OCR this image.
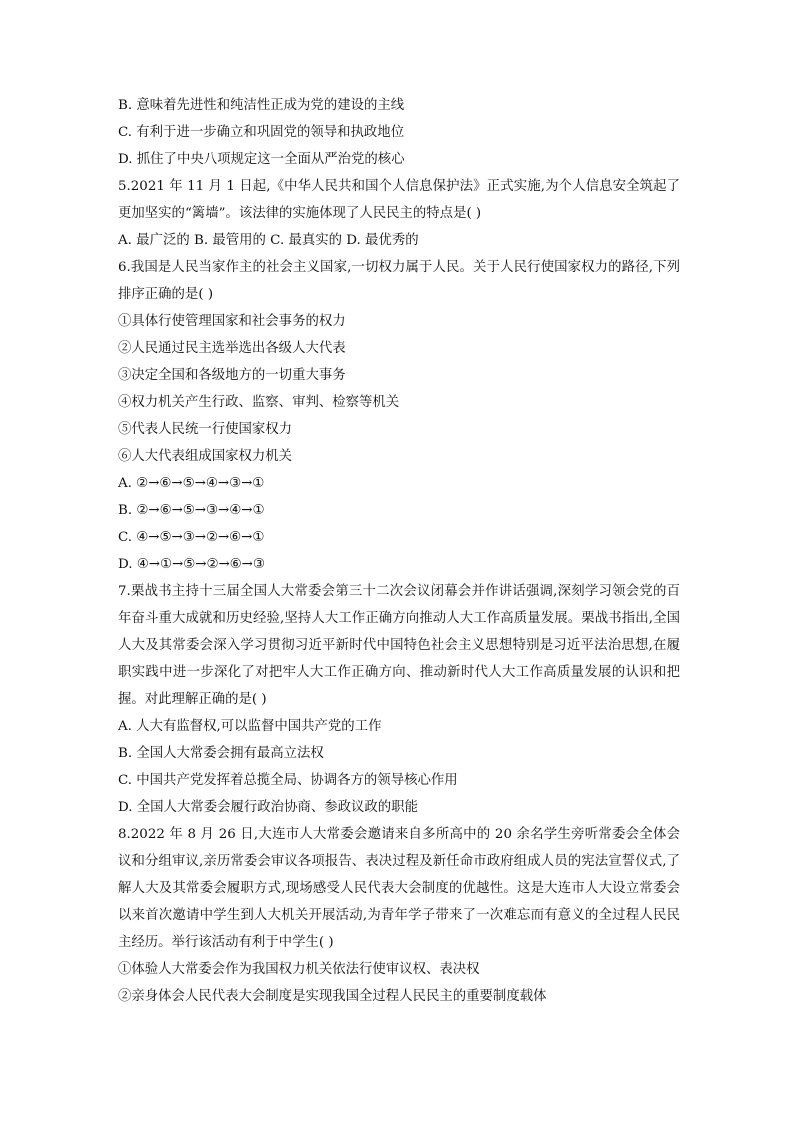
B. 意味着先进性和纯洁性正成为党的建设的主线
C. 有利于进一步确立和巩固党的领导和执政地位
D. 抓住了中央八项规定这一全面从严治党的核心
5.2021 年 11 月 1 日起,《中华人民共和国个人信息保护法》正式实施,为个人信息安全筑起了更加坚实的“篱墙”。该法律的实施体现了人民民主的特点是( )
A. 最广泛的 B. 最管用的 C. 最真实的 D. 最优秀的
6.我国是人民当家作主的社会主义国家,一切权力属于人民。关于人民行使国家权力的路径,下列排序正确的是( )
①具体行使管理国家和社会事务的权力
②人民通过民主选举选出各级人大代表
③决定全国和各级地方的一切重大事务
④权力机关产生行政、监察、审判、检察等机关
⑤代表人民统一行使国家权力
⑥人大代表组成国家权力机关
A. ②→⑥→⑤→④→③→①
B. ②→⑥→⑤→③→④→①
C. ④→⑤→③→②→⑥→①
D. ④→①→⑤→②→⑥→③
7.栗战书主持十三届全国人大常委会第三十二次会议闭幕会并作讲话强调,深刻学习领会党的百年奋斗重大成就和历史经验,坚持人大工作正确方向推动人大工作高质量发展。栗战书指出,全国人大及其常委会深入学习贯彻习近平新时代中国特色社会主义思想特别是习近平法治思想,在履职实践中进一步深化了对把牢人大工作正确方向、推动新时代人大工作高质量发展的认识和把握。对此理解正确的是( )
A. 人大有监督权,可以监督中国共产党的工作
B. 全国人大常委会拥有最高立法权
C. 中国共产党发挥着总揽全局、协调各方的领导核心作用
D. 全国人大常委会履行政治协商、参政议政的职能
8.2022 年 8 月 26 日,大连市人大常委会邀请来自多所高中的 20 余名学生旁听常委会全体会议和分组审议,亲历常委会审议各项报告、表决过程及新任命市政府组成人员的宪法宣誓仪式,了解人大及其常委会履职方式,现场感受人民代表大会制度的优越性。这是大连市人大设立常委会以来首次邀请中学生到人大机关开展活动,为青年学子带来了一次难忘而有意义的全过程人民民主经历。举行该活动有利于中学生( )
①体验人大常委会作为我国权力机关依法行使审议权、表决权
②亲身体会人民代表大会制度是实现我国全过程人民民主的重要制度载体
